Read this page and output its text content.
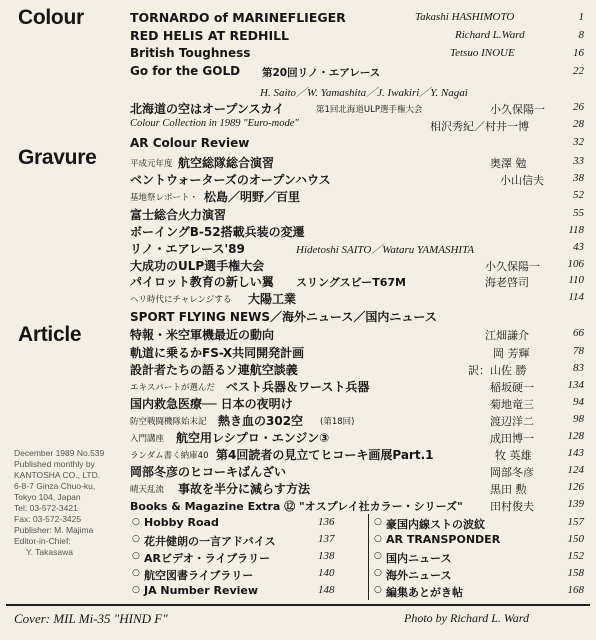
Colour
Gravure
Article
TORNARDO of MARINEFLIEGER	Takashi HASHIMOTO	1
RED HELIS AT REDHILL	Richard L.Ward	8
British Toughness	Tetsuo INOUE	16
Go for the GOLD 第20回リノ・エアレース	22
H. Saito／W. Yamashita／J. Iwakiri／Y. Nagai
北海道の空はオープンスカイ	第1回北海道ULP選手権大会	小久保陽一	26
Colour Collection in 1989 "Euro-mode"	相沢秀紀／村井一博	28
AR Colour Review	32
平成元年度 航空総隊総合演習	奥澤 勉	33
ベントウォーターズのオープンハウス	小山信夫	38
基地祭レポート・ 松島／明野／百里	52
富士総合火力演習	55
ボーイングB-52搭載兵装の変遷	118
リノ・エアレース'89	Hidetoshi SAITO／Wataru YAMASHITA	43
大成功のULP選手権大会	小久保陽一	106
パイロット教育の新しい翼 スリングスビーT67M	海老啓司	110
ヘリ時代にチャレンジする 大陽工業	114
SPORT FLYING NEWS／海外ニュース／国内ニュース
特報・米空軍機最近の動向	江畑謙介	66
軌道に乗るかFS-X共同開発計画	岡 芳輝	78
設計者たちの語るソ連航空談義	訳：山佐 勝	83
エキスパートが選んだ ベスト兵器＆ワースト兵器	稲坂硬一	134
国内救急医療── 日本の夜明け	菊地竜三	94
防空戦闘機隊始末記 熱き血の302空 (第18回)	渡辺洋二	98
入門講座 航空用レシプロ・エンジン③	成田博一	128
ランダム書く納庫40 第4回読者の見立てヒコーキ画展Part.1	牧 英雄	143
岡部冬彦のヒコーキばんざい	岡部冬彦	124
晴天乱流 事故を半分に減らす方法	黒田 勲	126
Books & Magazine Extra ⑫ "オスプレイ社カラー・シリーズ" 田村俊夫	139
○ Hobby Road	136
○ 花井健朗の一言アドバイス	137
○ ARビデオ・ライブラリー	138
○ 航空図書ライブラリー	140
○ JA Number Review	148
○ 豪国内線ストの波紋	157
○ AR TRANSPONDER	150
○ 国内ニュース	152
○ 海外ニュース	158
○ 編集あとがき帖	168
December 1989 No.539
Published monthly by
KANTOSHA CO., LTD.
6-8-7 Ginza Chuo-ku,
Tokyo 104, Japan
Tel: 03-572-3421
Fax: 03-572-3425
Publisher: M. Majima
Editor-in-Chief:
Y. Takasawa
Cover: MIL Mi-35 "HIND F"	Photo by Richard L. Ward
